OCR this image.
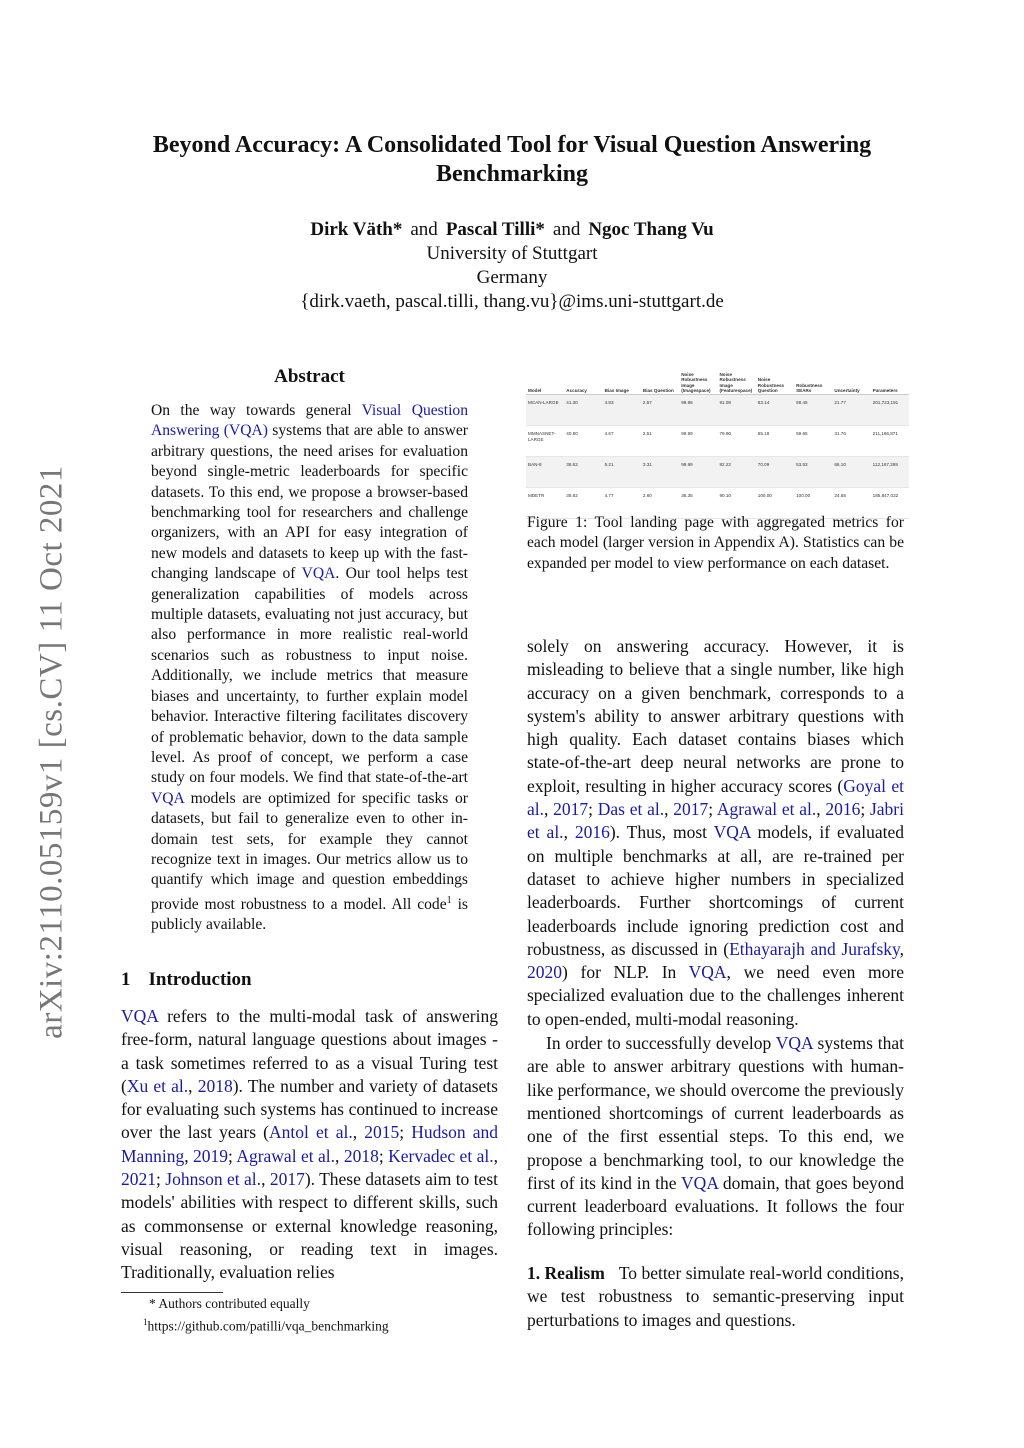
arXiv:2110.05159v1 [cs.CV] 11 Oct 2021
Beyond Accuracy: A Consolidated Tool for Visual Question Answering Benchmarking
Dirk Väth* and Pascal Tilli* and Ngoc Thang Vu
University of Stuttgart
Germany
{dirk.vaeth, pascal.tilli, thang.vu}@ims.uni-stuttgart.de
Abstract

On the way towards general Visual Question Answering (VQA) systems that are able to answer arbitrary questions, the need arises for evaluation beyond single-metric leaderboards for specific datasets. To this end, we propose a browser-based benchmarking tool for researchers and challenge organizers, with an API for easy integration of new models and datasets to keep up with the fast-changing landscape of VQA. Our tool helps test generalization capabilities of models across multiple datasets, evaluating not just accuracy, but also performance in more realistic real-world scenarios such as robustness to input noise. Additionally, we include metrics that measure biases and uncertainty, to further explain model behavior. Interactive filtering facilitates discovery of problematic behavior, down to the data sample level. As proof of concept, we perform a case study on four models. We find that state-of-the-art VQA models are optimized for specific tasks or datasets, but fail to generalize even to other in-domain test sets, for example they cannot recognize text in images. Our metrics allow us to quantify which image and question embeddings provide most robustness to a model. All code$^1$ is publicly available.

1 Introduction

VQA refers to the multi-modal task of answering free-form, natural language questions about images - a task sometimes referred to as a visual Turing test (Xu et al., 2018). The number and variety of datasets for evaluating such systems has continued to increase over the last years (Antol et al., 2015; Hudson and Manning, 2019; Agrawal et al., 2018; Kervadec et al., 2021; Johnson et al., 2017). These datasets aim to test models' abilities with respect to different skills, such as commonsense or external knowledge reasoning, visual reasoning, or reading text in images. Traditionally, evaluation relies

* Authors contributed equally
$^1$https://github.com/patilli/vqa_benchmarking
Model	Accuracy	Bias Image	Bias Question	Noise Robustness Image (Imagespace)	Noise Robustness Image (Featurespace)	Noise Robustness Question	Robustness SEARs	Uncertainty	Parameters
MCAN-LARGE	41.30	4.83	2.57	99.96	91.09	63.14	59.45	21.77	201,723,191
MMNASNET-LARGE	40.80	4.67	2.51	99.99	79.90	65.18	59.65	31.76	211,166,871
BAN-8	38.62	5.21	3.31	99.99	82.22	70.09	53.53	66.10	112,167,298
MDETR	36.82	4.77	2.60	36.35	90.10	100.00	100.00	24.58	185,847,022
Figure 1: Tool landing page with aggregated metrics for each model (larger version in Appendix A). Statistics can be expanded per model to view performance on each dataset.

solely on answering accuracy. However, it is misleading to believe that a single number, like high accuracy on a given benchmark, corresponds to a system's ability to answer arbitrary questions with high quality. Each dataset contains biases which state-of-the-art deep neural networks are prone to exploit, resulting in higher accuracy scores (Goyal et al., 2017; Das et al., 2017; Agrawal et al., 2016; Jabri et al., 2016). Thus, most VQA models, if evaluated on multiple benchmarks at all, are re-trained per dataset to achieve higher numbers in specialized leaderboards. Further shortcomings of current leaderboards include ignoring prediction cost and robustness, as discussed in (Ethayarajh and Jurafsky, 2020) for NLP. In VQA, we need even more specialized evaluation due to the challenges inherent to open-ended, multi-modal reasoning.

In order to successfully develop VQA systems that are able to answer arbitrary questions with human-like performance, we should overcome the previously mentioned shortcomings of current leaderboards as one of the first essential steps. To this end, we propose a benchmarking tool, to our knowledge the first of its kind in the VQA domain, that goes beyond current leaderboard evaluations. It follows the four following principles:

1. Realism To better simulate real-world conditions, we test robustness to semantic-preserving input perturbations to images and questions.
